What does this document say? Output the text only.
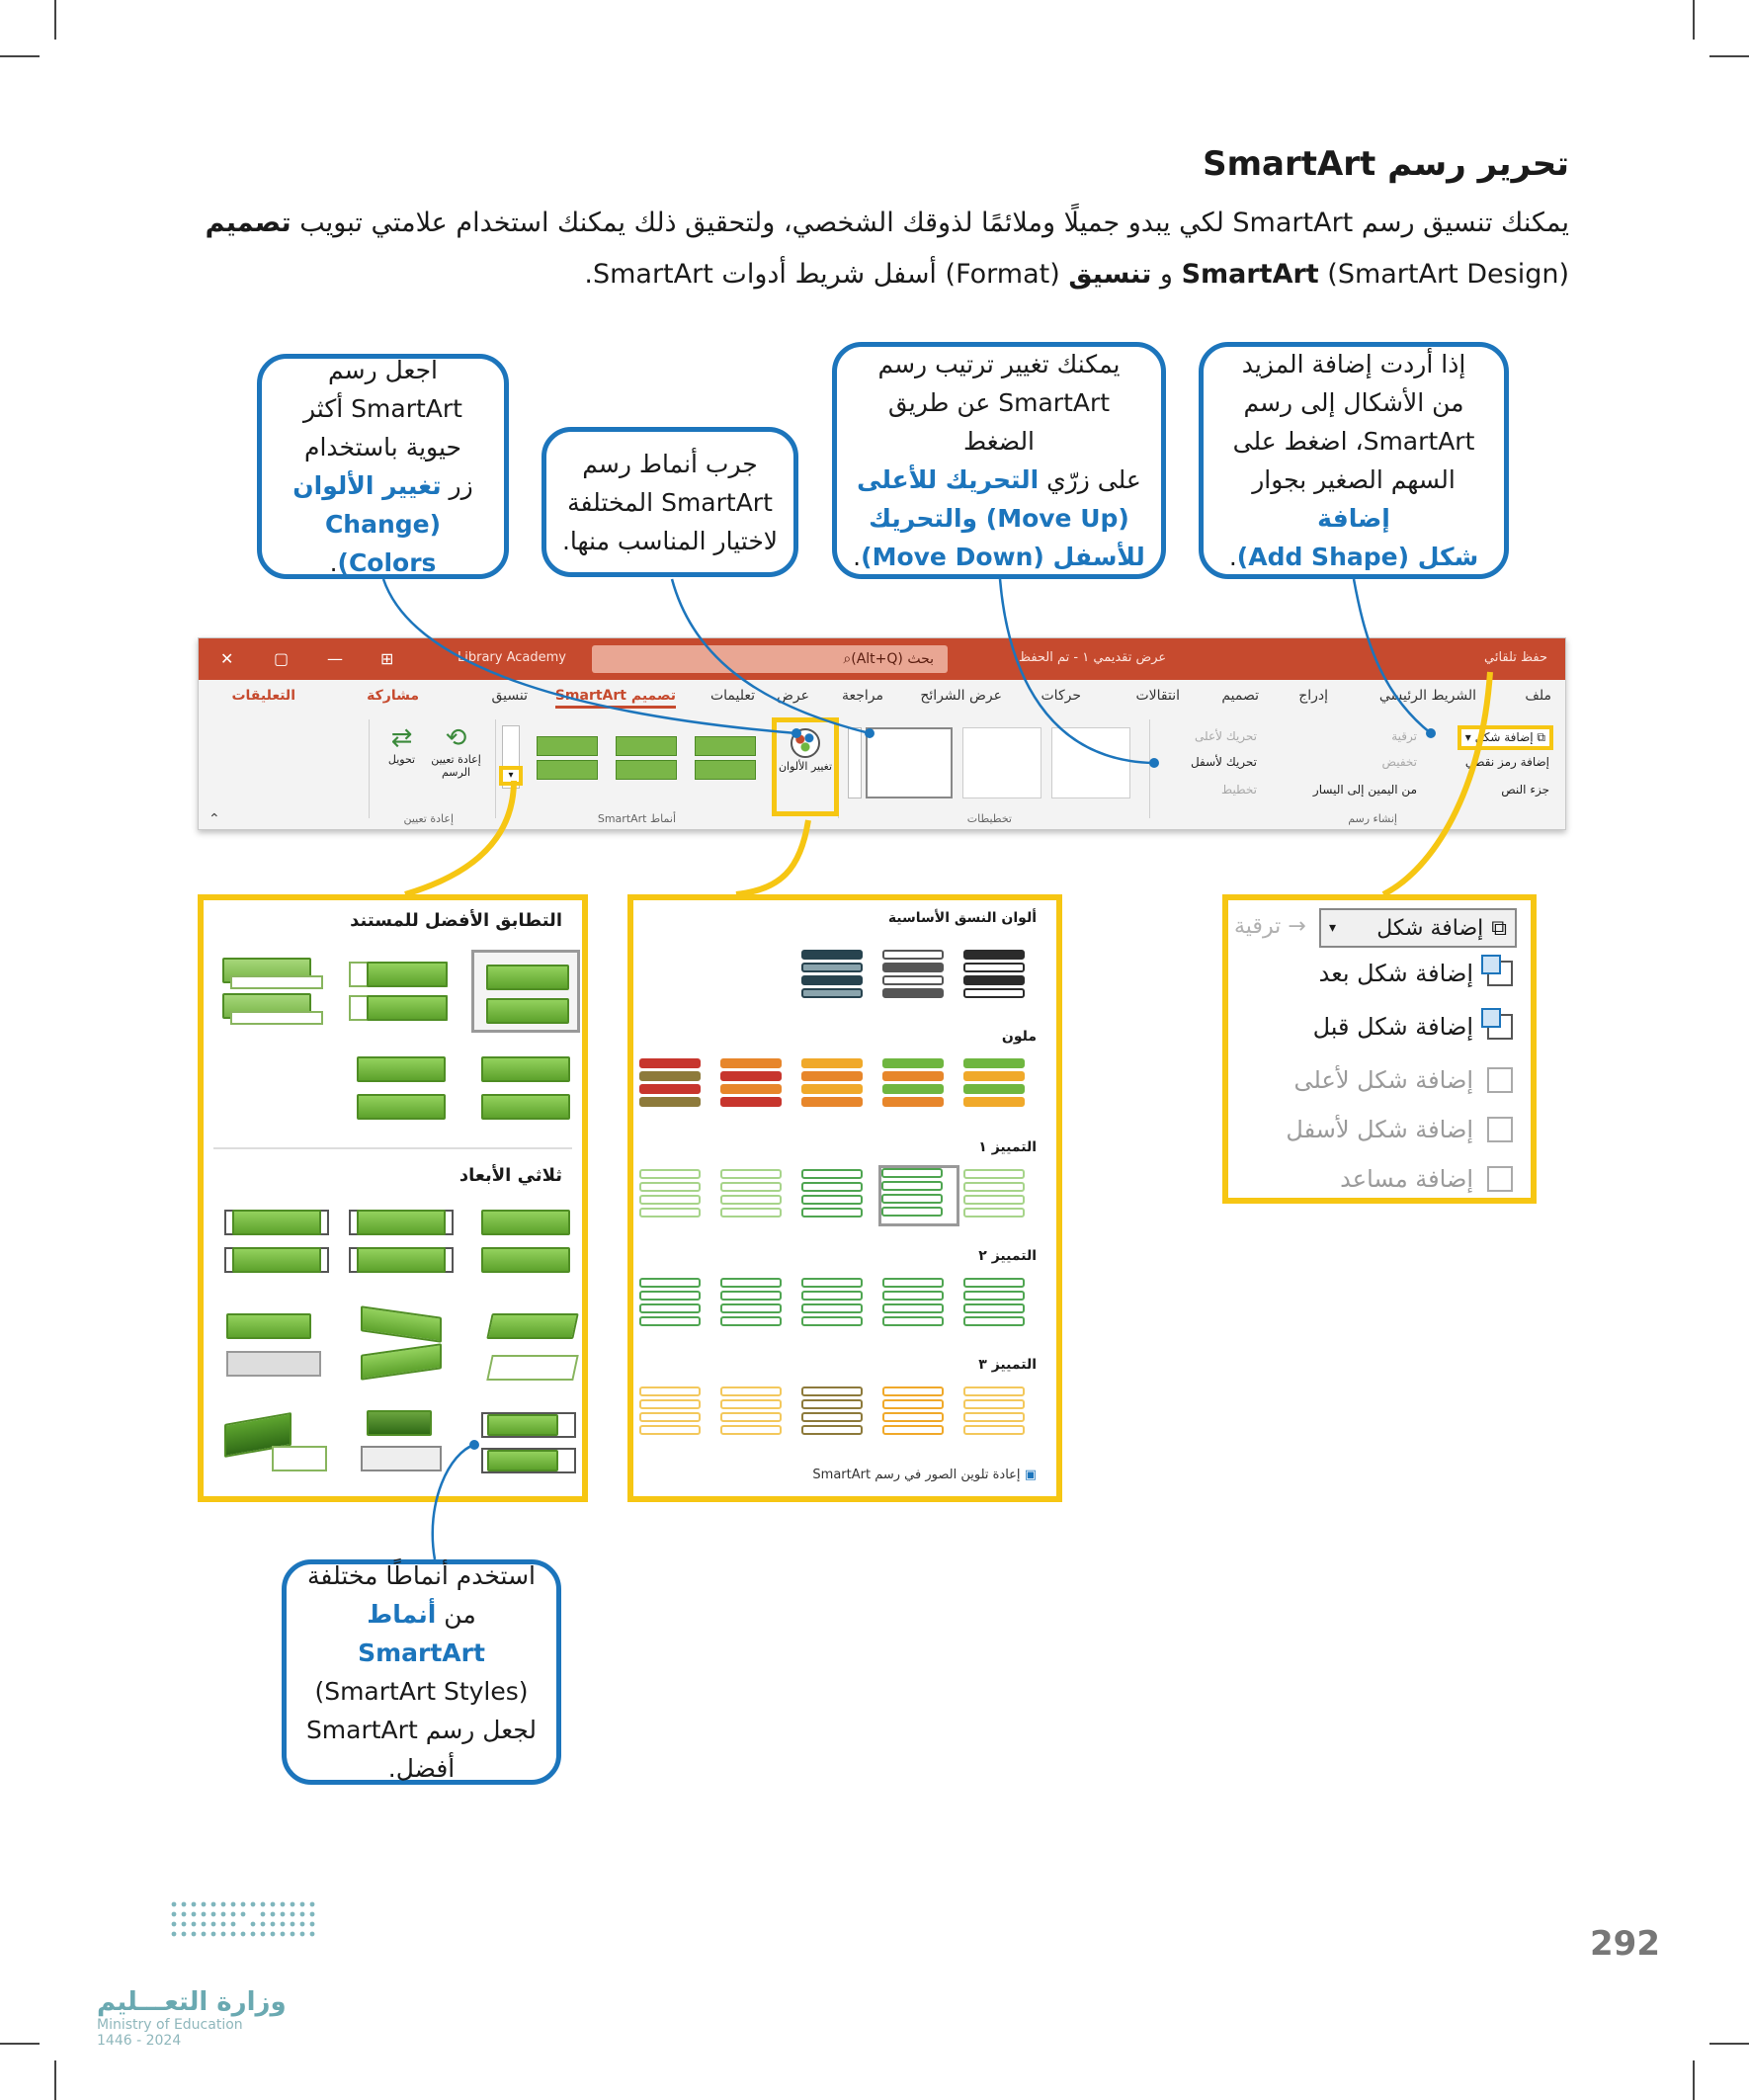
تحرير رسم SmartArt
يمكنك تنسيق رسم SmartArt لكي يبدو جميلًا وملائمًا لذوقك الشخصي، ولتحقيق ذلك يمكنك استخدام علامتي تبويب تصميم SmartArt (SmartArt Design) و تنسيق (Format) أسفل شريط أدوات SmartArt.
اجعل رسم
SmartArt أكثر
حيوية باستخدام
زر تغيير الألوان
(Change Colors).
جرب أنماط رسم
SmartArt المختلفة
لاختيار المناسب منها.
يمكنك تغيير ترتيب رسم
SmartArt عن طريق الضغط
على زرّي التحريك للأعلى
(Move Up) والتحريك
للأسفل (Move Down).
إذا أردت إضافة المزيد
من الأشكال إلى رسم
SmartArt، اضغط على
السهم الصغير بجوار إضافة
شكل (Add Shape).
استخدم أنماطًا مختلفة
من أنماط SmartArt
(SmartArt Styles)
لجعل رسم SmartArt
أفضل.
✕	▢ — ⊞	Library Academy	⌕ بحث (Alt+Q)	عرض تقديمي ١ - تم الحفظ	حفظ تلقائي
ملف
الشريط الرئيسي
إدراج
تصميم
انتقالات
حركات
عرض الشرائح
مراجعة
عرض
تعليمات
تصميم SmartArt
تنسيق
مشاركة
التعليقات
⧉ إضافة شكل ▾
إضافة رمز نقطي
جزء النص
ترقية
تخفيض
من اليمين إلى اليسار
تحريك لأعلى
تحريك لأسفل
تخطيط
إنشاء رسم
تخطيطات
تغيير الألوان
▾
أنماط SmartArt
⟲
إعادة تعيين الرسم
⇄
تحويل
إعادة تعيين
⌃
التطابق الأفضل للمستند
ثلاثي الأبعاد
ألوان النسق الأساسية
ملون
التمييز ١
التمييز ٢
التمييز ٣
▣ إعادة تلوين الصور في رسم SmartArt
⧉
إضافة شكل
▾
→ ترقية
إضافة شكل بعد
إضافة شكل قبل
إضافة شكل لأعلى
إضافة شكل لأسفل
إضافة مساعد
292
وزارة التعـــليم
Ministry of Education
2024 - 1446
